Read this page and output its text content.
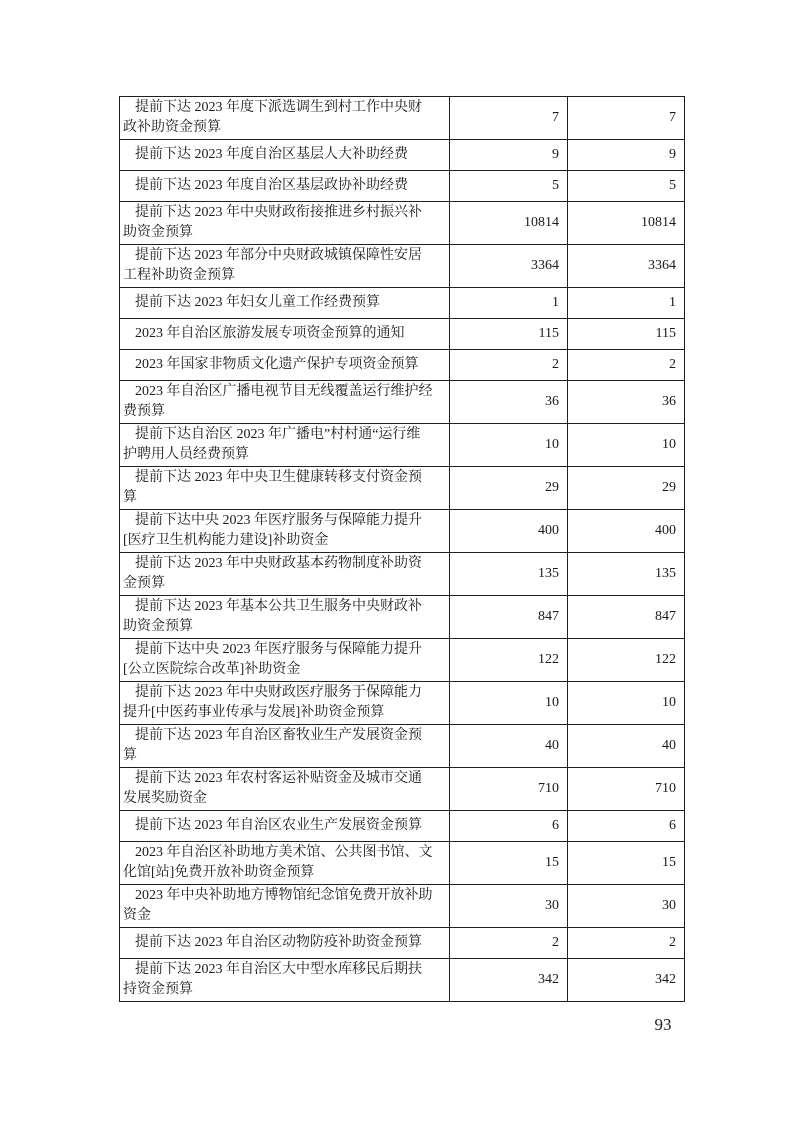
提前下达 2023 年度下派选调生到村工作中央财政补助资金预算	7	7
提前下达 2023 年度自治区基层人大补助经费	9	9
提前下达 2023 年度自治区基层政协补助经费	5	5
提前下达 2023 年中央财政衔接推进乡村振兴补助资金预算	10814	10814
提前下达 2023 年部分中央财政城镇保障性安居工程补助资金预算	3364	3364
提前下达 2023 年妇女儿童工作经费预算	1	1
2023 年自治区旅游发展专项资金预算的通知	115	115
2023 年国家非物质文化遗产保护专项资金预算	2	2
2023 年自治区广播电视节目无线覆盖运行维护经费预算	36	36
提前下达自治区 2023 年广播电”村村通“运行维护聘用人员经费预算	10	10
提前下达 2023 年中央卫生健康转移支付资金预算	29	29
提前下达中央 2023 年医疗服务与保障能力提升[医疗卫生机构能力建设]补助资金	400	400
提前下达 2023 年中央财政基本药物制度补助资金预算	135	135
提前下达 2023 年基本公共卫生服务中央财政补助资金预算	847	847
提前下达中央 2023 年医疗服务与保障能力提升[公立医院综合改革]补助资金	122	122
提前下达 2023 年中央财政医疗服务于保障能力提升[中医药事业传承与发展]补助资金预算	10	10
提前下达 2023 年自治区畜牧业生产发展资金预算	40	40
提前下达 2023 年农村客运补贴资金及城市交通发展奖励资金	710	710
提前下达 2023 年自治区农业生产发展资金预算	6	6
2023 年自治区补助地方美术馆、公共图书馆、文化馆[站]免费开放补助资金预算	15	15
2023 年中央补助地方博物馆纪念馆免费开放补助资金	30	30
提前下达 2023 年自治区动物防疫补助资金预算	2	2
提前下达 2023 年自治区大中型水库移民后期扶持资金预算	342	342
93
